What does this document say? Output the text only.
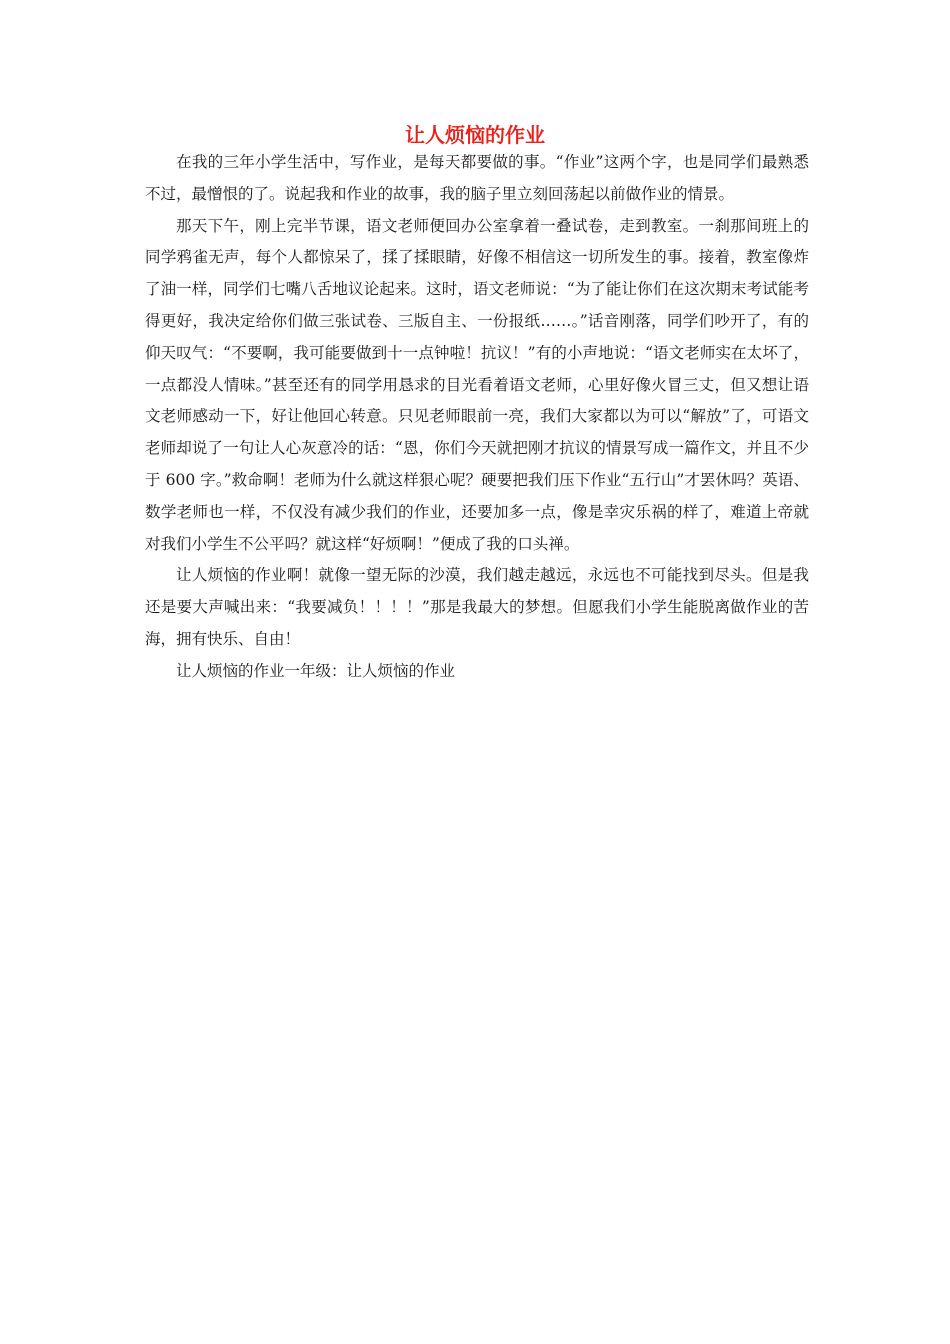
让人烦恼的作业

在我的三年小学生活中，写作业，是每天都要做的事。“作业”这两个字，也是同学们最熟悉不过，最憎恨的了。说起我和作业的故事，我的脑子里立刻回荡起以前做作业的情景。

那天下午，刚上完半节课，语文老师便回办公室拿着一叠试卷，走到教室。一刹那间班上的同学鸦雀无声，每个人都惊呆了，揉了揉眼睛，好像不相信这一切所发生的事。接着，教室像炸了油一样，同学们七嘴八舌地议论起来。这时，语文老师说：“为了能让你们在这次期末考试能考得更好，我决定给你们做三张试卷、三版自主、一份报纸……。”话音刚落，同学们吵开了，有的仰天叹气：“不要啊，我可能要做到十一点钟啦！抗议！”有的小声地说：“语文老师实在太坏了，一点都没人情味。”甚至还有的同学用恳求的目光看着语文老师，心里好像火冒三丈，但又想让语文老师感动一下，好让他回心转意。只见老师眼前一亮，我们大家都以为可以“解放”了，可语文老师却说了一句让人心灰意冷的话：“恩，你们今天就把刚才抗议的情景写成一篇作文，并且不少于 600 字。”救命啊！老师为什么就这样狠心呢？硬要把我们压下作业“五行山”才罢休吗？英语、数学老师也一样，不仅没有减少我们的作业，还要加多一点，像是幸灾乐祸的样了，难道上帝就对我们小学生不公平吗？就这样“好烦啊！”便成了我的口头禅。

让人烦恼的作业啊！就像一望无际的沙漠，我们越走越远，永远也不可能找到尽头。但是我还是要大声喊出来：“我要减负！！！！”那是我最大的梦想。但愿我们小学生能脱离做作业的苦海，拥有快乐、自由！

让人烦恼的作业一年级：让人烦恼的作业
